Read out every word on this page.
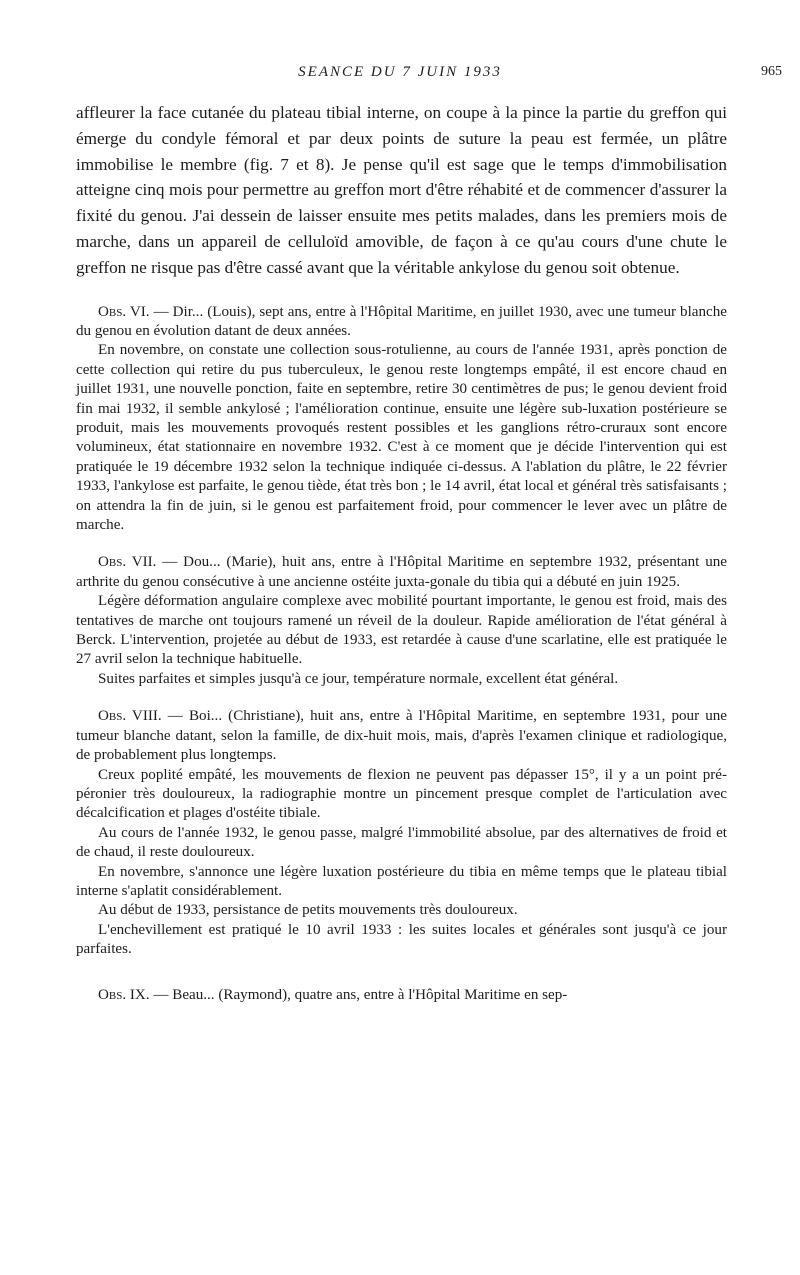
SEANCE DU 7 JUIN 1933	965

affleurer la face cutanée du plateau tibial interne, on coupe à la pince la partie du greffon qui émerge du condyle fémoral et par deux points de suture la peau est fermée, un plâtre immobilise le membre (fig. 7 et 8). Je pense qu'il est sage que le temps d'immobilisation atteigne cinq mois pour permettre au greffon mort d'être réhabité et de commencer d'assurer la fixité du genou. J'ai dessein de laisser ensuite mes petits malades, dans les premiers mois de marche, dans un appareil de celluloïd amovible, de façon à ce qu'au cours d'une chute le greffon ne risque pas d'être cassé avant que la véritable ankylose du genou soit obtenue.

Obs. VI. — Dir... (Louis), sept ans, entre à l'Hôpital Maritime, en juillet 1930, avec une tumeur blanche du genou en évolution datant de deux années.

En novembre, on constate une collection sous-rotulienne, au cours de l'année 1931, après ponction de cette collection qui retire du pus tuberculeux, le genou reste longtemps empâté, il est encore chaud en juillet 1931, une nouvelle ponction, faite en septembre, retire 30 centimètres de pus; le genou devient froid fin mai 1932, il semble ankylosé ; l'amélioration continue, ensuite une légère sub-luxation postérieure se produit, mais les mouvements provoqués restent possibles et les ganglions rétro-cruraux sont encore volumineux, état stationnaire en novembre 1932. C'est à ce moment que je décide l'intervention qui est pratiquée le 19 décembre 1932 selon la technique indiquée ci-dessus. A l'ablation du plâtre, le 22 février 1933, l'ankylose est parfaite, le genou tiède, état très bon ; le 14 avril, état local et général très satisfaisants ; on attendra la fin de juin, si le genou est parfaitement froid, pour commencer le lever avec un plâtre de marche.

Obs. VII. — Dou... (Marie), huit ans, entre à l'Hôpital Maritime en septembre 1932, présentant une arthrite du genou consécutive à une ancienne ostéite juxta-gonale du tibia qui a débuté en juin 1925.

Légère déformation angulaire complexe avec mobilité pourtant importante, le genou est froid, mais des tentatives de marche ont toujours ramené un réveil de la douleur. Rapide amélioration de l'état général à Berck. L'intervention, projetée au début de 1933, est retardée à cause d'une scarlatine, elle est pratiquée le 27 avril selon la technique habituelle.

Suites parfaites et simples jusqu'à ce jour, température normale, excellent état général.

Obs. VIII. — Boi... (Christiane), huit ans, entre à l'Hôpital Maritime, en septembre 1931, pour une tumeur blanche datant, selon la famille, de dix-huit mois, mais, d'après l'examen clinique et radiologique, de probablement plus longtemps.

Creux poplité empâté, les mouvements de flexion ne peuvent pas dépasser 15°, il y a un point pré-péronier très douloureux, la radiographie montre un pincement presque complet de l'articulation avec décalcification et plages d'ostéite tibiale.

Au cours de l'année 1932, le genou passe, malgré l'immobilité absolue, par des alternatives de froid et de chaud, il reste douloureux.

En novembre, s'annonce une légère luxation postérieure du tibia en même temps que le plateau tibial interne s'aplatit considérablement.

Au début de 1933, persistance de petits mouvements très douloureux.

L'enchevillement est pratiqué le 10 avril 1933 : les suites locales et générales sont jusqu'à ce jour parfaites.

Obs. IX. — Beau... (Raymond), quatre ans, entre à l'Hôpital Maritime en sep-
